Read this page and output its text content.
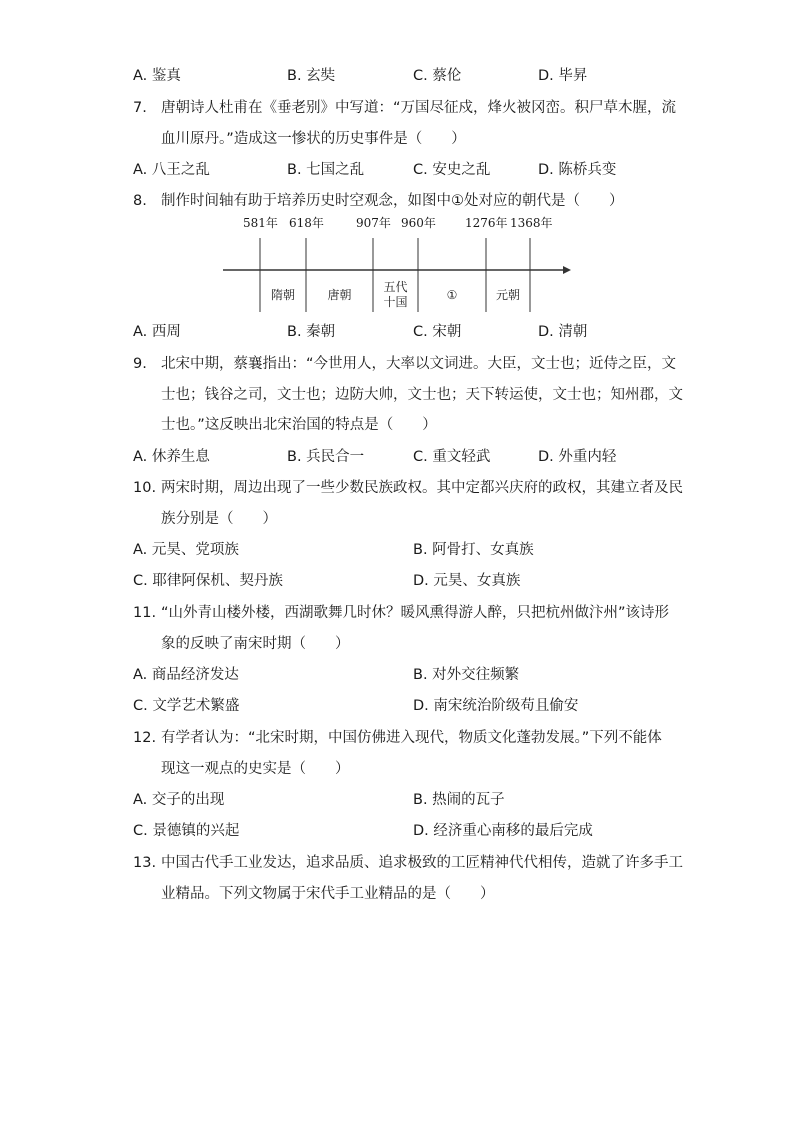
A. 鉴真	B. 玄奘	C. 蔡伦	D. 毕昇
7. 唐朝诗人杜甫在《垂老别》中写道：“万国尽征戍，烽火被冈峦。积尸草木腥，流
血川原丹。”造成这一惨状的历史事件是（　　）
A. 八王之乱	B. 七国之乱	C. 安史之乱	D. 陈桥兵变
8. 制作时间轴有助于培养历史时空观念，如图中①处对应的朝代是（　　）
A. 西周	B. 秦朝	C. 宋朝	D. 清朝
9. 北宋中期，蔡襄指出：“今世用人，大率以文词进。大臣，文士也；近侍之臣，文
士也；钱谷之司，文士也；边防大帅，文士也；天下转运使，文士也；知州郡，文
士也。”这反映出北宋治国的特点是（　　）
A. 休养生息	B. 兵民合一	C. 重文轻武	D. 外重内轻
10. 两宋时期，周边出现了一些少数民族政权。其中定都兴庆府的政权，其建立者及民
族分别是（　　）
A. 元昊、党项族	B. 阿骨打、女真族
C. 耶律阿保机、契丹族	D. 元昊、女真族
11. “山外青山楼外楼，西湖歌舞几时休？暖风熏得游人醉，只把杭州做汴州”该诗形
象的反映了南宋时期（　　）
A. 商品经济发达	B. 对外交往频繁
C. 文学艺术繁盛	D. 南宋统治阶级苟且偷安
12. 有学者认为：“北宋时期，中国仿佛进入现代，物质文化蓬勃发展。”下列不能体
现这一观点的史实是（　　）
A. 交子的出现	B. 热闹的瓦子
C. 景德镇的兴起	D. 经济重心南移的最后完成
13. 中国古代手工业发达，追求品质、追求极致的工匠精神代代相传，造就了许多手工
业精品。下列文物属于宋代手工业精品的是（　　）
581年 618年	907年 960年 1276年 1368年
隋朝	唐朝
五代
十国	①	元朝
